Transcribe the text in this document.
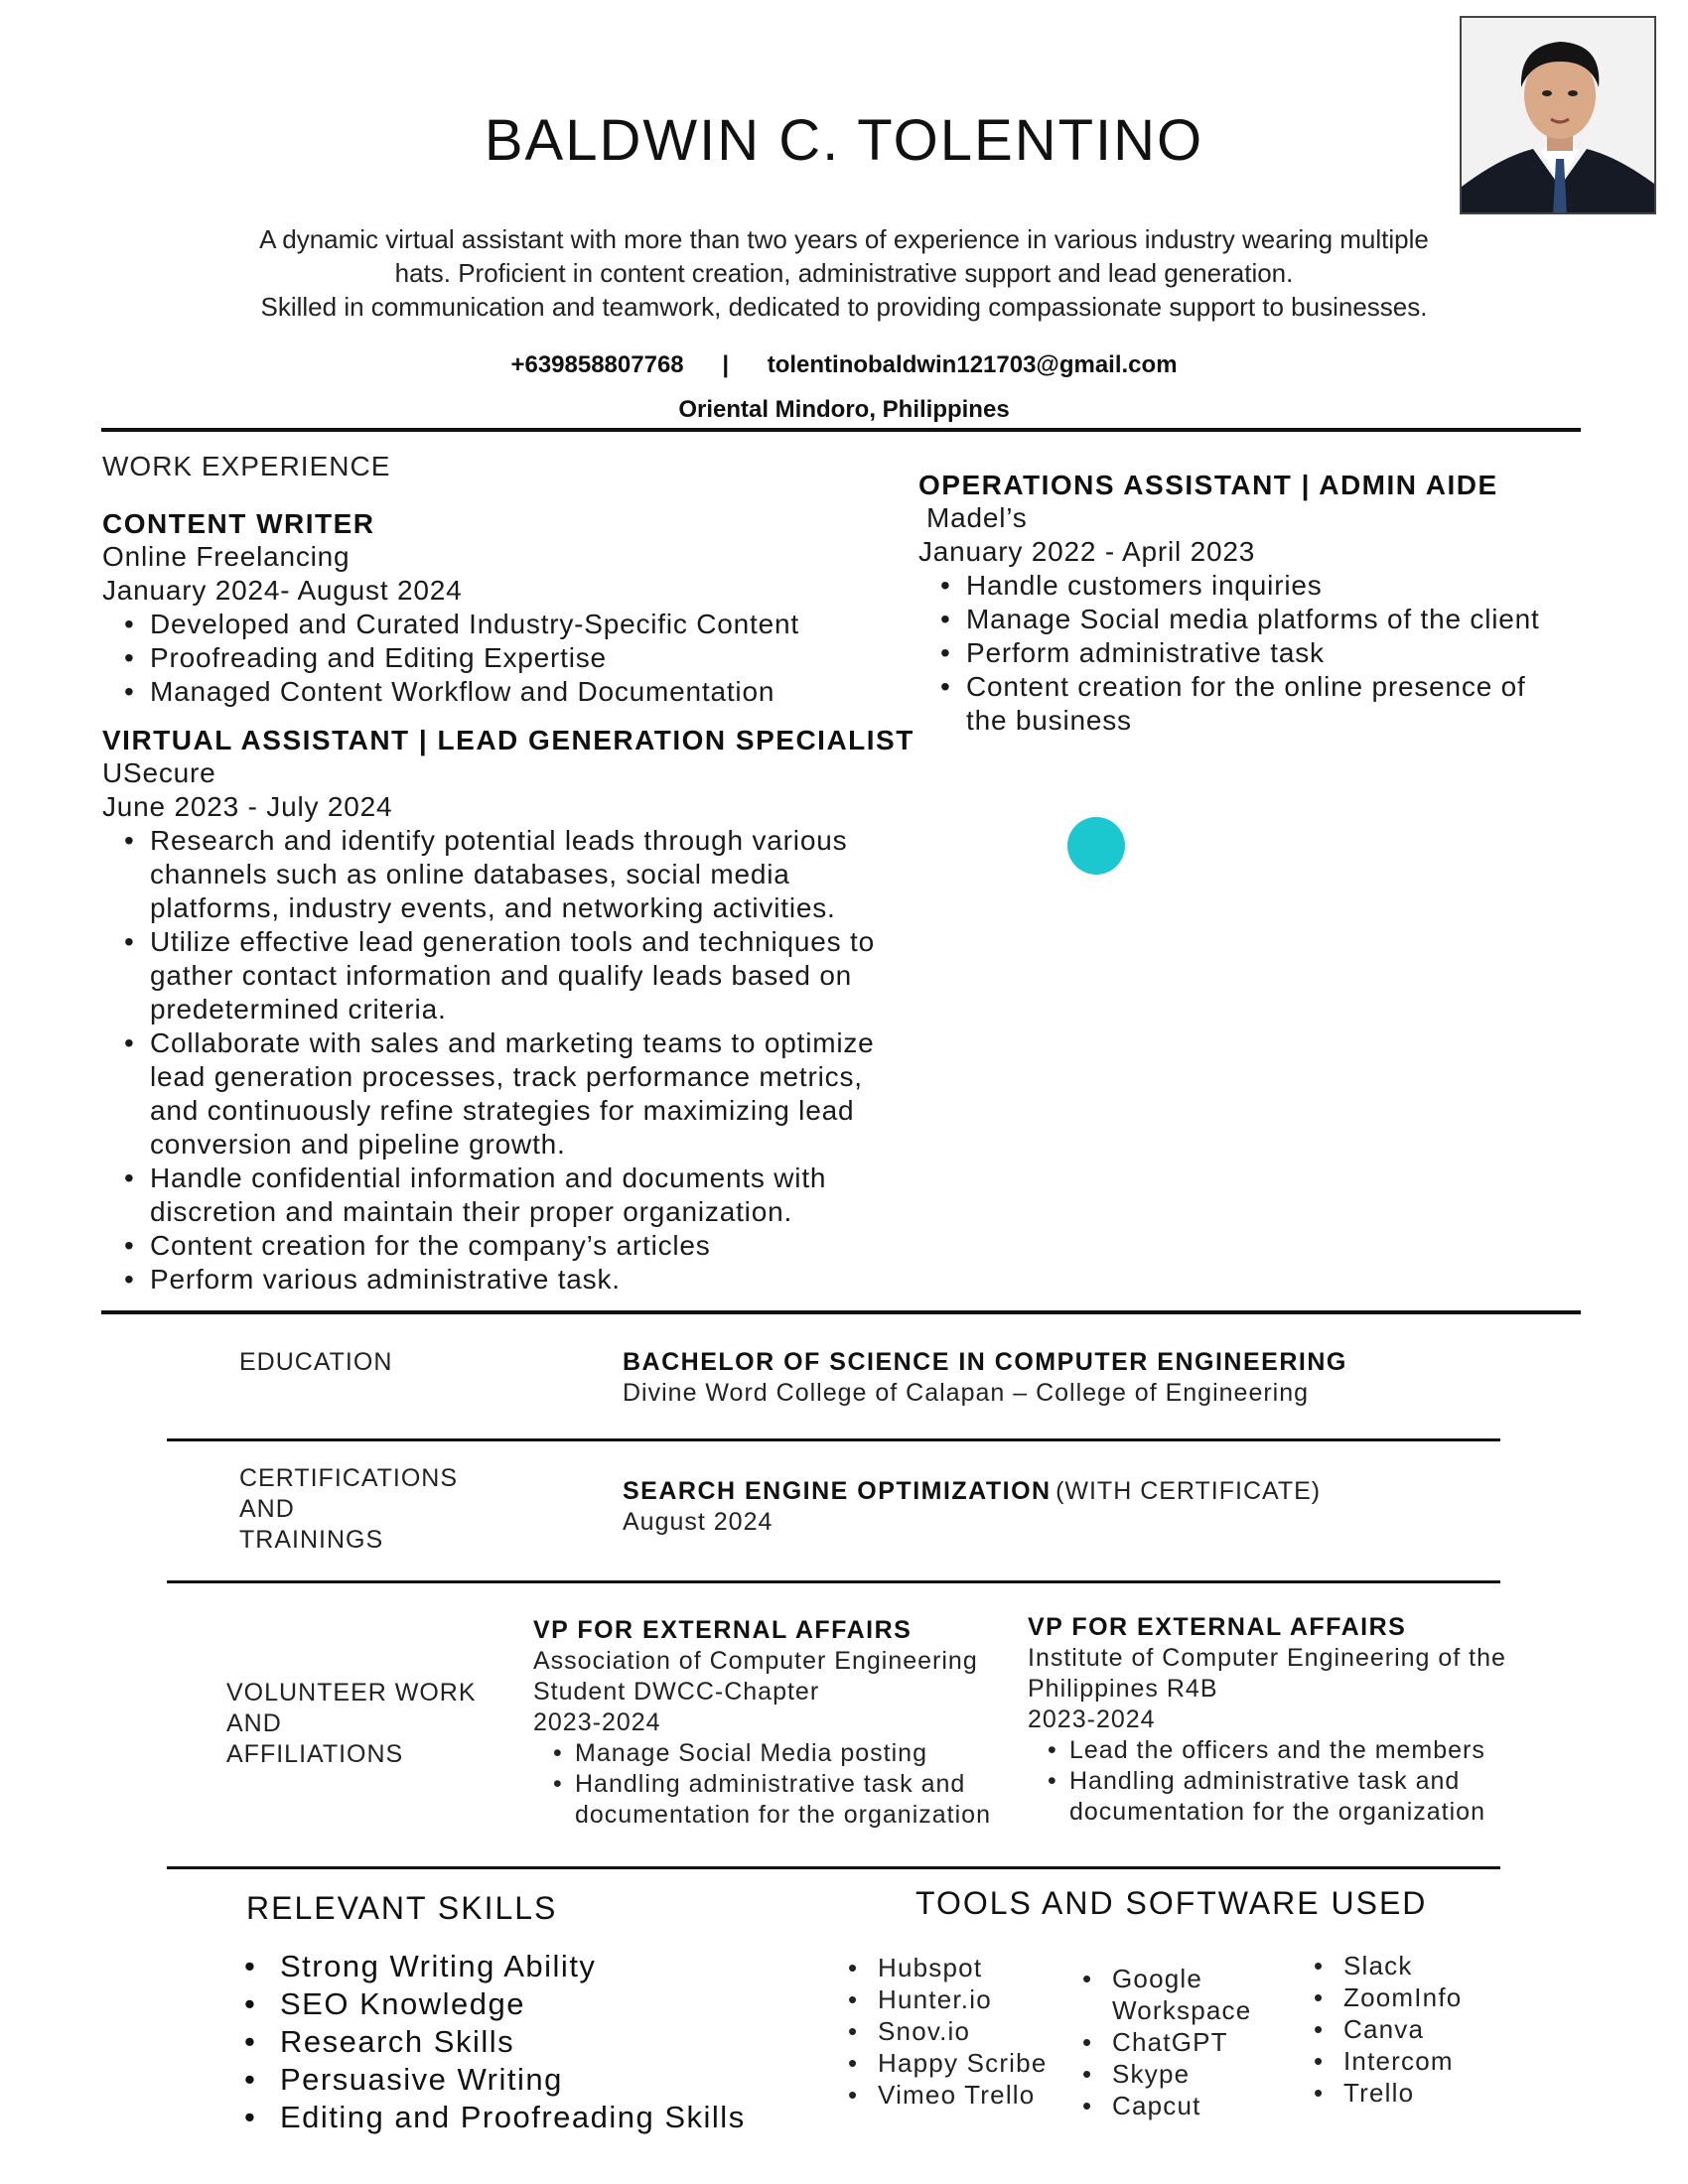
BALDWIN C. TOLENTINO
A dynamic virtual assistant with more than two years of experience in various industry wearing multiple
hats. Proficient in content creation, administrative support and lead generation.
Skilled in communication and teamwork, dedicated to providing compassionate support to businesses.
+639858807768 | tolentinobaldwin121703@gmail.com
Oriental Mindoro, Philippines
WORK EXPERIENCE
CONTENT WRITER
Online Freelancing
January 2024- August 2024
• Developed and Curated Industry-Specific Content
• Proofreading and Editing Expertise
• Managed Content Workflow and Documentation
VIRTUAL ASSISTANT | LEAD GENERATION SPECIALIST
USecure
June 2023 - July 2024
• Research and identify potential leads through various
channels such as online databases, social media
platforms, industry events, and networking activities.
• Utilize effective lead generation tools and techniques to
gather contact information and qualify leads based on
predetermined criteria.
• Collaborate with sales and marketing teams to optimize
lead generation processes, track performance metrics,
and continuously refine strategies for maximizing lead
conversion and pipeline growth.
• Handle confidential information and documents with
discretion and maintain their proper organization.
• Content creation for the company’s articles
• Perform various administrative task.
OPERATIONS ASSISTANT | ADMIN AIDE
Madel’s
January 2022 - April 2023
• Handle customers inquiries
• Manage Social media platforms of the client
• Perform administrative task
• Content creation for the online presence of
the business
EDUCATION	BACHELOR OF SCIENCE IN COMPUTER ENGINEERING
Divine Word College of Calapan – College of Engineering
CERTIFICATIONS
AND
TRAININGS
SEARCH ENGINE OPTIMIZATION (WITH CERTIFICATE)
August 2024
VOLUNTEER WORK
AND
AFFILIATIONS
VP FOR EXTERNAL AFFAIRS
Association of Computer Engineering
Student DWCC-Chapter
2023-2024
• Manage Social Media posting
• Handling administrative task and
documentation for the organization
VP FOR EXTERNAL AFFAIRS
Institute of Computer Engineering of the
Philippines R4B
2023-2024
• Lead the officers and the members
• Handling administrative task and
documentation for the organization
RELEVANT SKILLS
• Strong Writing Ability
• SEO Knowledge
• Research Skills
• Persuasive Writing
• Editing and Proofreading Skills
TOOLS AND SOFTWARE USED
• Hubspot
• Hunter.io
• Snov.io
• Happy Scribe
• Vimeo Trello
• Google
Workspace
• ChatGPT
• Skype
• Capcut
• Slack
• ZoomInfo
• Canva
• Intercom
• Trello
